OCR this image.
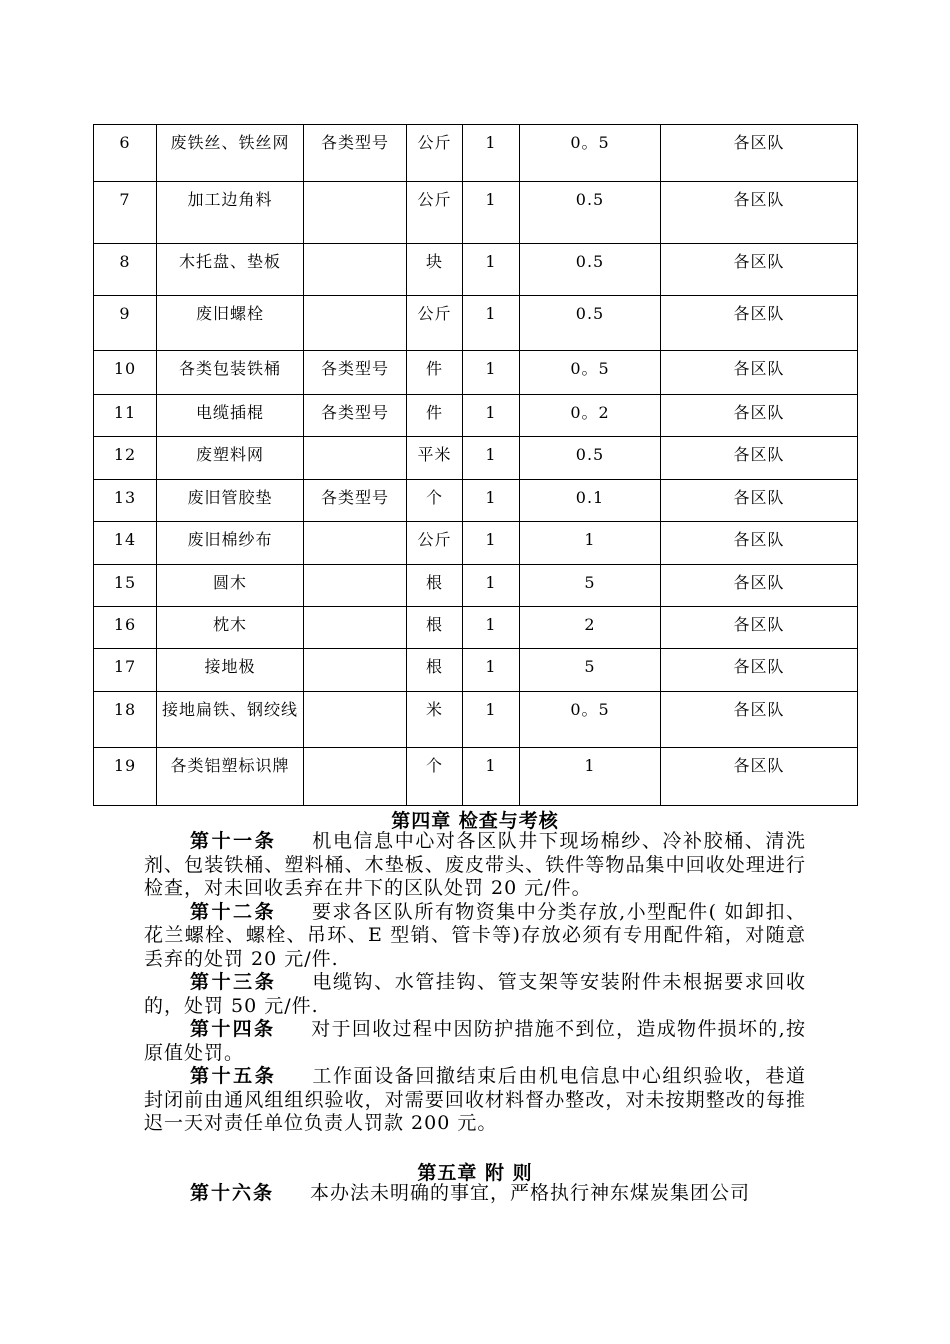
6	废铁丝、铁丝网	各类型号	公斤	1	0。5	各区队
7	加工边角料		公斤	1	0.5	各区队
8	木托盘、垫板		块	1	0.5	各区队
9	废旧螺栓		公斤	1	0.5	各区队
10	各类包装铁桶	各类型号	件	1	0。5	各区队
11	电缆插棍	各类型号	件	1	0。2	各区队
12	废塑料网		平米	1	0.5	各区队
13	废旧管胶垫	各类型号	个	1	0.1	各区队
14	废旧棉纱布		公斤	1	1	各区队
15	圆木		根	1	5	各区队
16	枕木		根	1	2	各区队
17	接地极		根	1	5	各区队
18	接地扁铁、钢绞线		米	1	0。5	各区队
19	各类铝塑标识牌		个	1	1	各区队
第四章 检查与考核

第十一条 机电信息中心对各区队井下现场棉纱、冷补胶桶、清洗剂、包装铁桶、塑料桶、木垫板、废皮带头、铁件等物品集中回收处理进行检查，对未回收丢弃在井下的区队处罚 20 元/件。

第十二条 要求各区队所有物资集中分类存放,小型配件( 如卸扣、花兰螺栓、螺栓、吊环、E 型销、管卡等)存放必须有专用配件箱，对随意丢弃的处罚 20 元/件.

第十三条 电缆钩、水管挂钩、管支架等安装附件未根据要求回收的，处罚 50 元/件.

第十四条 对于回收过程中因防护措施不到位，造成物件损坏的,按原值处罚。

第十五条 工作面设备回撤结束后由机电信息中心组织验收，巷道封闭前由通风组组织验收，对需要回收材料督办整改，对未按期整改的每推迟一天对责任单位负责人罚款 200 元。

第五章 附 则

第十六条 本办法未明确的事宜，严格执行神东煤炭集团公司
